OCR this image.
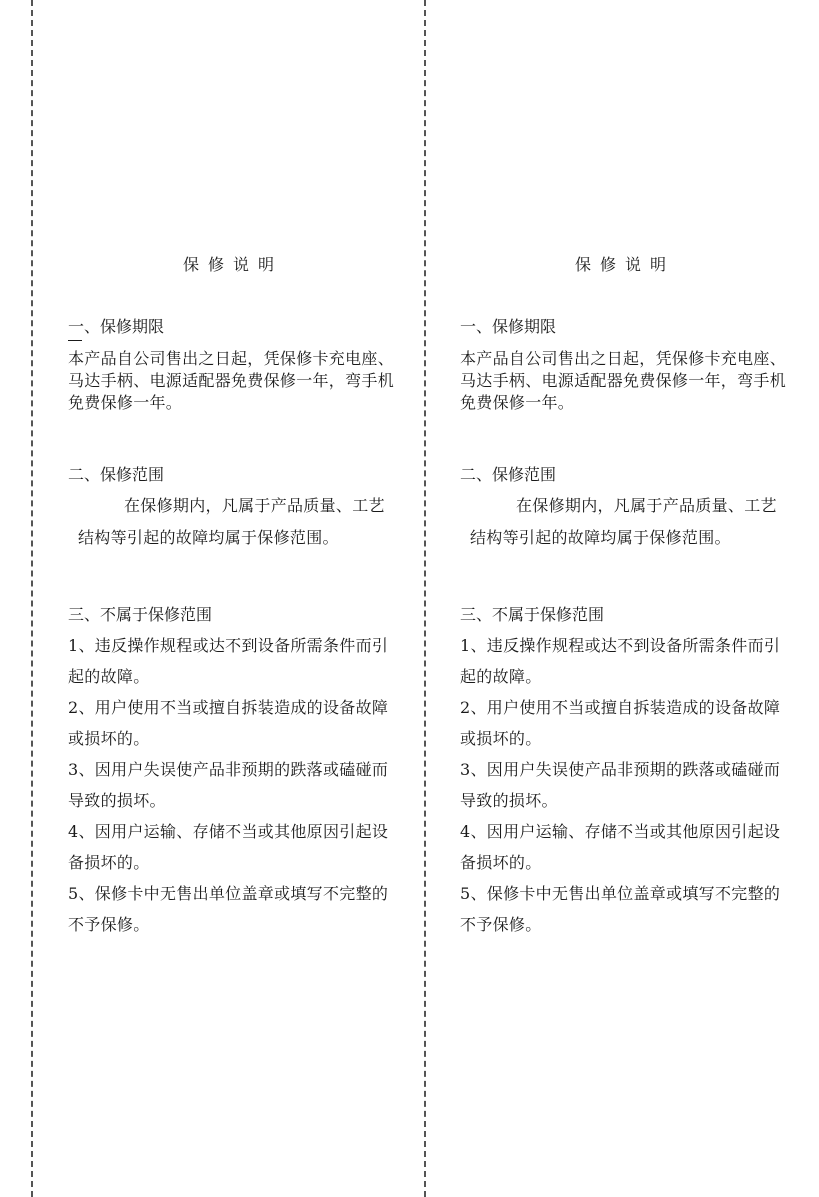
保修说明
一、保修期限
本产品自公司售出之日起，凭保修卡充电座、马达手柄、电源适配器免费保修一年，弯手机免费保修一年。
二、保修范围
在保修期内，凡属于产品质量、工艺结构等引起的故障均属于保修范围。
三、不属于保修范围
1、违反操作规程或达不到设备所需条件而引起的故障。
2、用户使用不当或擅自拆装造成的设备故障或损坏的。
3、因用户失误使产品非预期的跌落或磕碰而导致的损坏。
4、因用户运输、存储不当或其他原因引起设备损坏的。
5、保修卡中无售出单位盖章或填写不完整的不予保修。
保修说明
一、保修期限
本产品自公司售出之日起，凭保修卡充电座、马达手柄、电源适配器免费保修一年，弯手机免费保修一年。
二、保修范围
在保修期内，凡属于产品质量、工艺结构等引起的故障均属于保修范围。
三、不属于保修范围
1、违反操作规程或达不到设备所需条件而引起的故障。
2、用户使用不当或擅自拆装造成的设备故障或损坏的。
3、因用户失误使产品非预期的跌落或磕碰而导致的损坏。
4、因用户运输、存储不当或其他原因引起设备损坏的。
5、保修卡中无售出单位盖章或填写不完整的不予保修。
